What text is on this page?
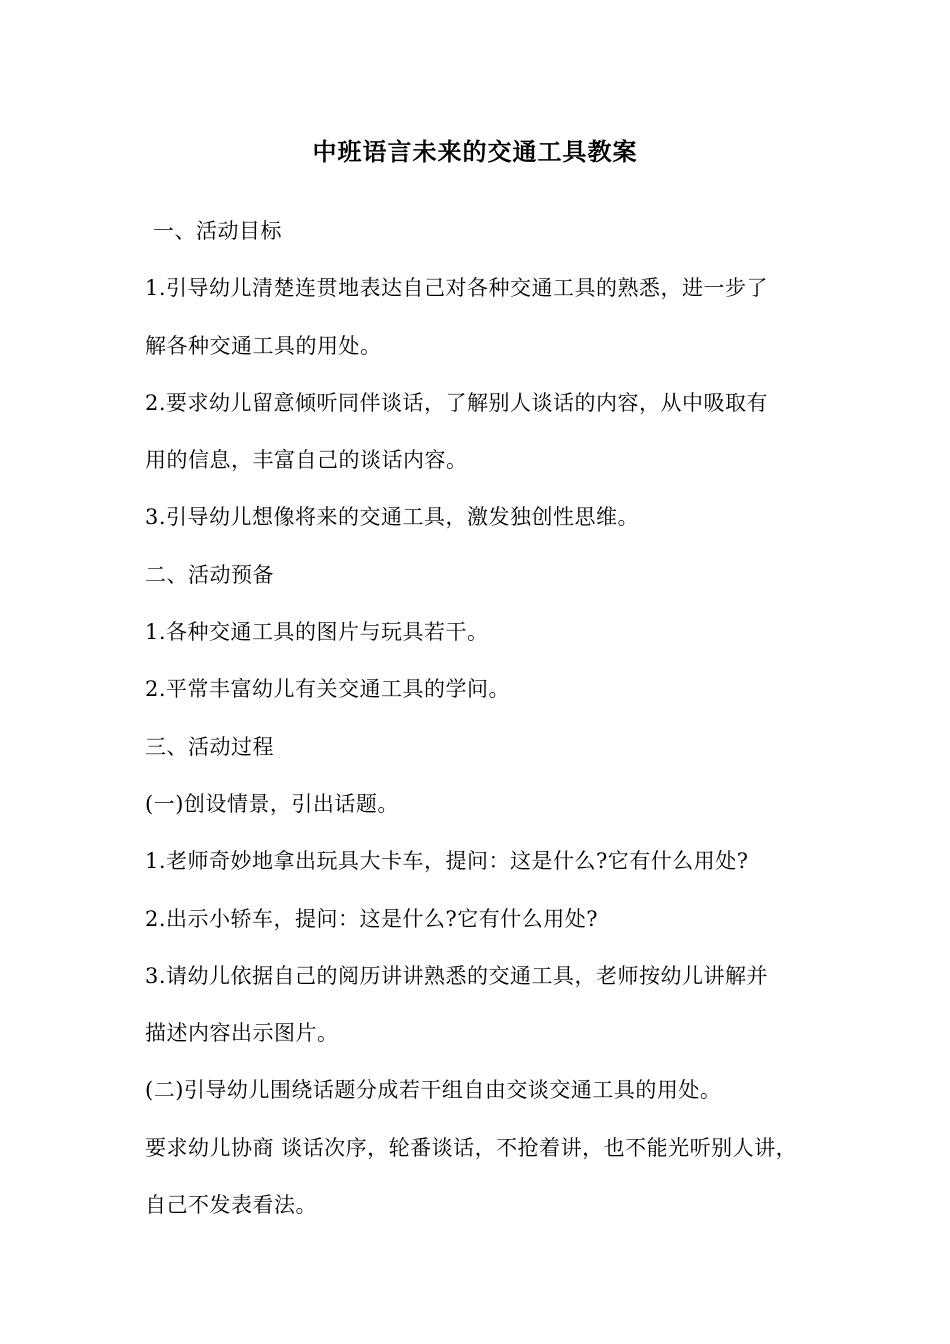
中班语言未来的交通工具教案
一、活动目标
1.引导幼儿清楚连贯地表达自己对各种交通工具的熟悉，进一步了
解各种交通工具的用处。
2.要求幼儿留意倾听同伴谈话，了解别人谈话的内容，从中吸取有
用的信息，丰富自己的谈话内容。
3.引导幼儿想像将来的交通工具，激发独创性思维。
二、活动预备
1.各种交通工具的图片与玩具若干。
2.平常丰富幼儿有关交通工具的学问。
三、活动过程
(一)创设情景，引出话题。
1.老师奇妙地拿出玩具大卡车，提问：这是什么?它有什么用处?
2.出示小轿车，提问：这是什么?它有什么用处?
3.请幼儿依据自己的阅历讲讲熟悉的交通工具，老师按幼儿讲解并
描述内容出示图片。
(二)引导幼儿围绕话题分成若干组自由交谈交通工具的用处。
要求幼儿协商 谈话次序，轮番谈话，不抢着讲，也不能光听别人讲，
自己不发表看法。
